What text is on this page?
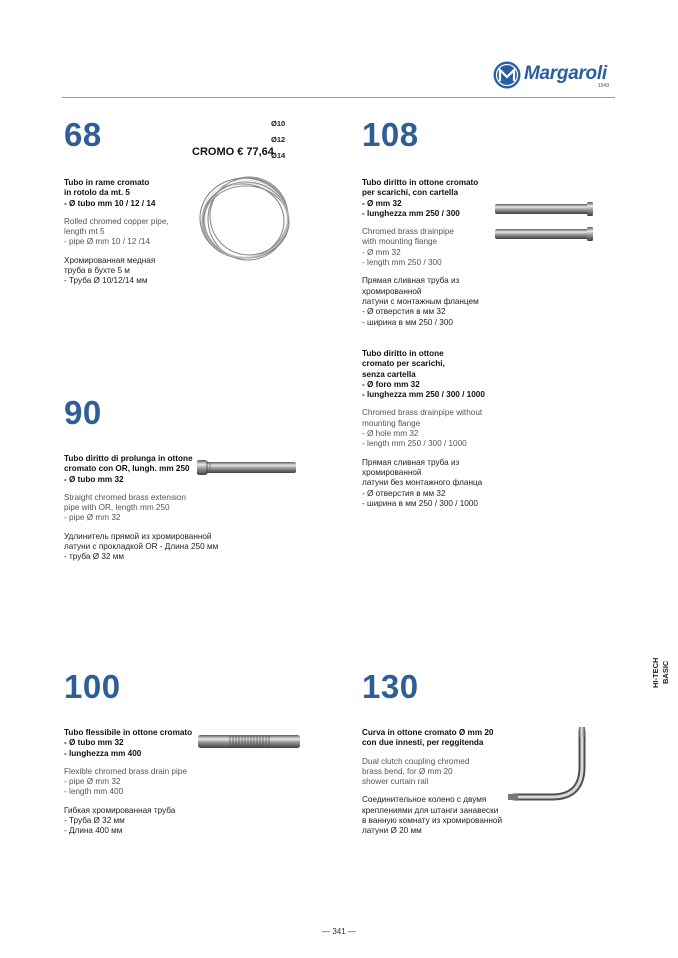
Margaroli
1949
68	Ø10
Ø12
Ø14
CROMO € 77,64
Tubo in rame cromato
in rotolo da mt. 5
- Ø tubo mm 10 / 12 / 14
Rolled chromed copper pipe,
length mt 5
- pipe Ø mm 10 / 12 /14
Хромированная медная
труба в бухте 5 м
- Труба Ø 10/12/14 мм
108
Tubo diritto in ottone cromato
per scarichi, con cartella
- Ø mm 32
- lunghezza mm 250 / 300
Chromed brass drainpipe
with mounting flange
- Ø mm 32
- length mm 250 / 300
Прямая сливная труба из
хромированной
латуни с монтажным фланцем
- Ø отверстия в мм 32
- ширина в мм 250 / 300
Tubo diritto in ottone
cromato per scarichi,
senza cartella
- Ø foro mm 32
- lunghezza mm 250 / 300 / 1000
Chromed brass drainpipe without
mounting flange
- Ø hole mm 32
- length mm 250 / 300 / 1000
Прямая сливная труба из
хромированной
латуни без монтажного фланца
- Ø отверстия в мм 32
- ширина в мм 250 / 300 / 1000
90
Tubo diritto di prolunga in ottone
cromato con OR, lungh. mm 250
- Ø tubo mm 32
Straight chromed brass extension
pipe with OR, length mm 250
- pipe Ø mm 32
Удлинитель прямой из хромированной
латуни с прокладкой OR - Длина 250 мм
- труба Ø 32 мм
100
Tubo flessibile in ottone cromato
- Ø tubo mm 32
- lunghezza mm 400
Flexible chromed brass drain pipe
- pipe Ø mm 32
- length mm 400
Гибкая хромированная труба
- Труба Ø 32 мм
- Длина 400 мм
130
Curva in ottone cromato Ø mm 20
con due innesti, per reggitenda
Dual clutch coupling chromed
brass bend, for Ø mm 20
shower curtain rail
Соединительное колено с двумя
креплениями для штанги занавески
в ванную комнату из хромированной
латуни Ø 20 мм
HI-TECH BASIC
— 341 —
